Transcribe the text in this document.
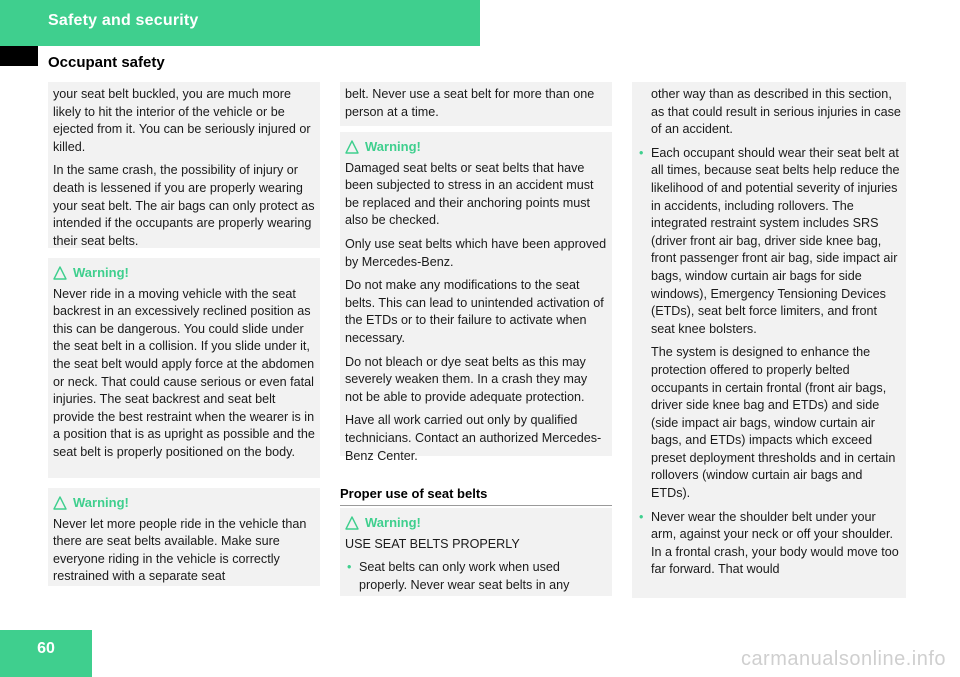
Safety and security
Occupant safety

your seat belt buckled, you are much more likely to hit the interior of the vehicle or be ejected from it. You can be seriously injured or killed.

In the same crash, the possibility of injury or death is lessened if you are properly wearing your seat belt. The air bags can only protect as intended if the occupants are properly wearing their seat belts.

Warning!

Never ride in a moving vehicle with the seat backrest in an excessively reclined position as this can be dangerous. You could slide under the seat belt in a collision. If you slide under it, the seat belt would apply force at the abdomen or neck. That could cause serious or even fatal injuries. The seat backrest and seat belt provide the best restraint when the wearer is in a position that is as upright as possible and the seat belt is properly positioned on the body.

Warning!

Never let more people ride in the vehicle than there are seat belts available. Make sure everyone riding in the vehicle is correctly restrained with a separate seat

belt. Never use a seat belt for more than one person at a time.

Warning!

Damaged seat belts or seat belts that have been subjected to stress in an accident must be replaced and their anchoring points must also be checked.

Only use seat belts which have been approved by Mercedes-Benz.

Do not make any modifications to the seat belts. This can lead to unintended activation of the ETDs or to their failure to activate when necessary.

Do not bleach or dye seat belts as this may severely weaken them. In a crash they may not be able to provide adequate protection.

Have all work carried out only by qualified technicians. Contact an authorized Mercedes-Benz Center.

Proper use of seat belts
Warning!

USE SEAT BELTS PROPERLY

• Seat belts can only work when used properly. Never wear seat belts in any

other way than as described in this section, as that could result in serious injuries in case of an accident.

• Each occupant should wear their seat belt at all times, because seat belts help reduce the likelihood of and potential severity of injuries in accidents, including rollovers. The integrated restraint system includes SRS (driver front air bag, driver side knee bag, front passenger front air bag, side impact air bags, window curtain air bags for side windows), Emergency Tensioning Devices (ETDs), seat belt force limiters, and front seat knee bolsters.

The system is designed to enhance the protection offered to properly belted occupants in certain frontal (front air bags, driver side knee bag and ETDs) and side (side impact air bags, window curtain air bags, and ETDs) impacts which exceed preset deployment thresholds and in certain rollovers (window curtain air bags and ETDs).

• Never wear the shoulder belt under your arm, against your neck or off your shoulder. In a frontal crash, your body would move too far forward. That would

60	carmanualsonline.info
